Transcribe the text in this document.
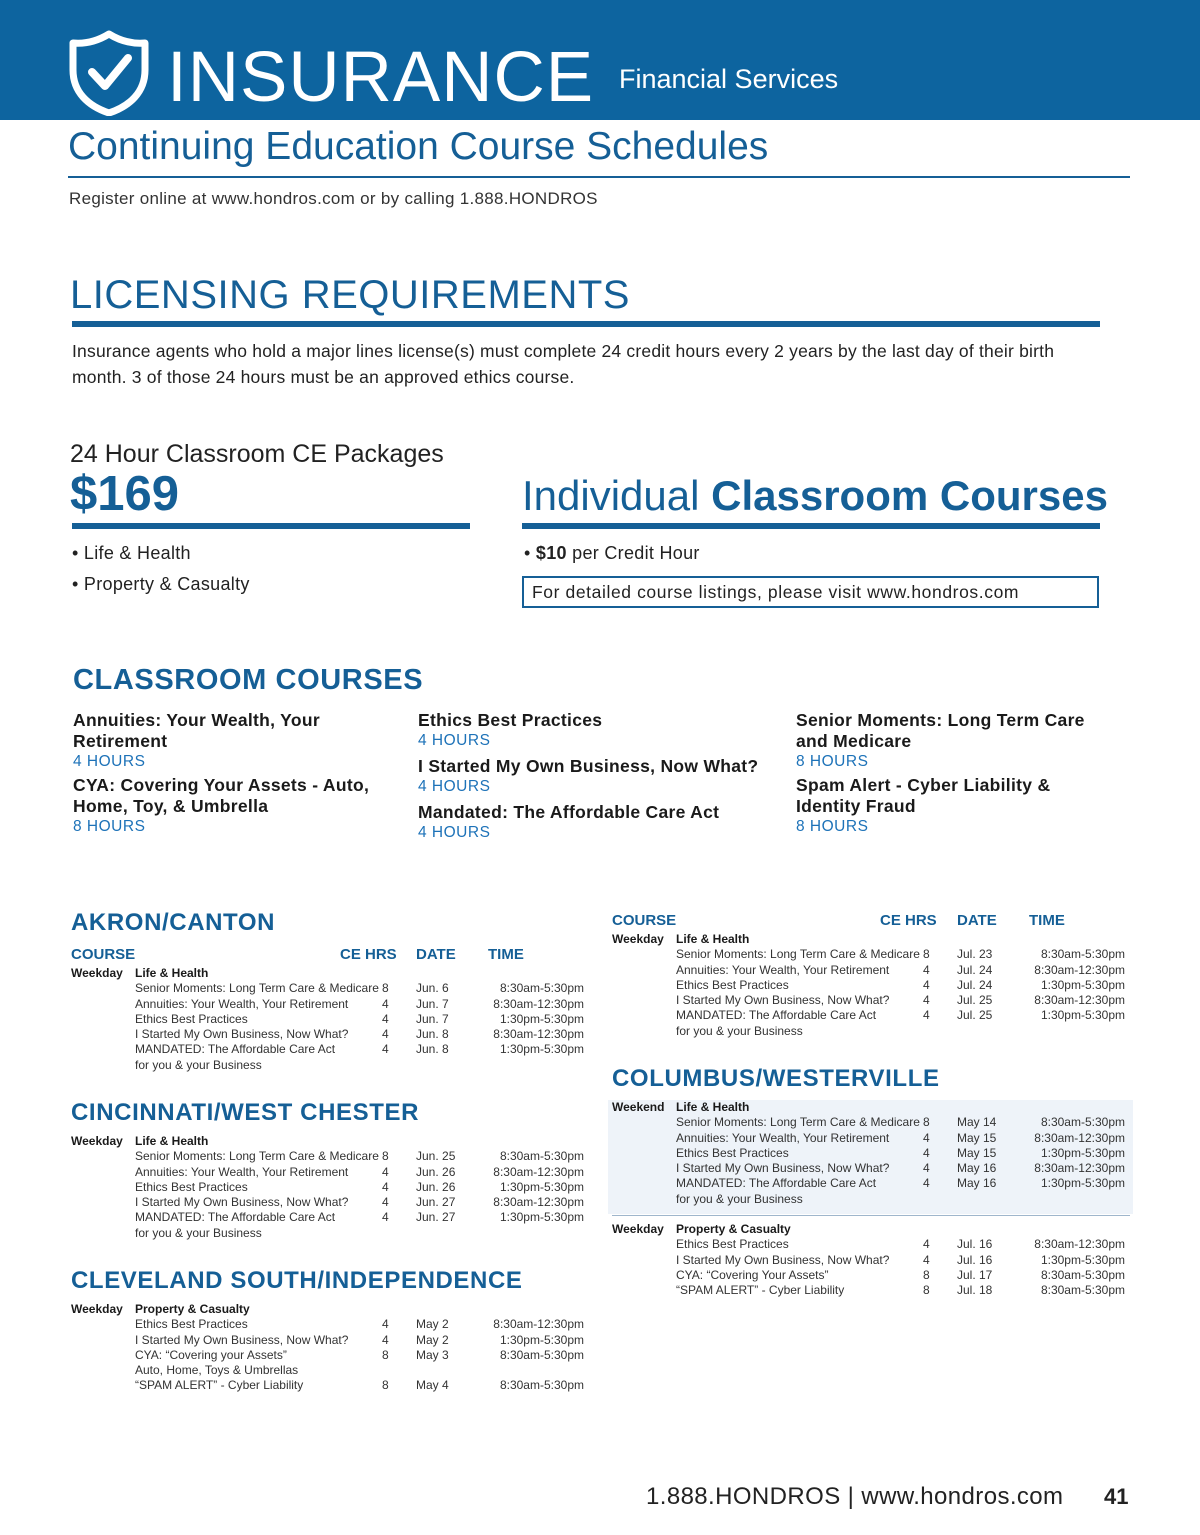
INSURANCE Financial Services
Continuing Education Course Schedules
Register online at www.hondros.com or by calling 1.888.HONDROS
LICENSING REQUIREMENTS
Insurance agents who hold a major lines license(s) must complete 24 credit hours every 2 years by the last day of their birth month. 3 of those 24 hours must be an approved ethics course.
24 Hour Classroom CE Packages
$169
• Life & Health
• Property & Casualty
Individual Classroom Courses
• $10 per Credit Hour
For detailed course listings, please visit www.hondros.com
CLASSROOM COURSES
Annuities: Your Wealth, Your Retirement
4 HOURS
CYA: Covering Your Assets - Auto, Home, Toy, & Umbrella
8 HOURS
Ethics Best Practices
4 HOURS
I Started My Own Business, Now What?
4 HOURS
Mandated: The Affordable Care Act
4 HOURS
Senior Moments: Long Term Care and Medicare
8 HOURS
Spam Alert - Cyber Liability & Identity Fraud
8 HOURS
AKRON/CANTON
COURSE	CE HRS DATE TIME
Weekday Life & Health
Senior Moments: Long Term Care & Medicare 8 Jun. 6	8:30am-5:30pm
Annuities: Your Wealth, Your Retirement	4 Jun. 7	8:30am-12:30pm
Ethics Best Practices	4 Jun. 7	1:30pm-5:30pm
I Started My Own Business, Now What?	4 Jun. 8	8:30am-12:30pm
MANDATED: The Affordable Care Act	4 Jun. 8	1:30pm-5:30pm
for you & your Business
CINCINNATI/WEST CHESTER
Weekday Life & Health
Senior Moments: Long Term Care & Medicare 8 Jun. 25	8:30am-5:30pm
Annuities: Your Wealth, Your Retirement	4 Jun. 26	8:30am-12:30pm
Ethics Best Practices	4 Jun. 26	1:30pm-5:30pm
I Started My Own Business, Now What?	4 Jun. 27	8:30am-12:30pm
MANDATED: The Affordable Care Act	4 Jun. 27	1:30pm-5:30pm
for you & your Business
CLEVELAND SOUTH/INDEPENDENCE
Weekday Property & Casualty
Ethics Best Practices	4 May 2	8:30am-12:30pm
I Started My Own Business, Now What?	4 May 2	1:30pm-5:30pm
CYA: “Covering your Assets”	8 May 3	8:30am-5:30pm
Auto, Home, Toys & Umbrellas
“SPAM ALERT” - Cyber Liability	8 May 4	8:30am-5:30pm
COURSE	CE HRS DATE TIME
Weekday Life & Health
Senior Moments: Long Term Care & Medicare 8 Jul. 23	8:30am-5:30pm
Annuities: Your Wealth, Your Retirement	4 Jul. 24	8:30am-12:30pm
Ethics Best Practices	4 Jul. 24	1:30pm-5:30pm
I Started My Own Business, Now What?	4 Jul. 25	8:30am-12:30pm
MANDATED: The Affordable Care Act	4 Jul. 25	1:30pm-5:30pm
for you & your Business
COLUMBUS/WESTERVILLE
Weekend Life & Health
Senior Moments: Long Term Care & Medicare 8 May 14	8:30am-5:30pm
Annuities: Your Wealth, Your Retirement	4 May 15	8:30am-12:30pm
Ethics Best Practices	4 May 15	1:30pm-5:30pm
I Started My Own Business, Now What?	4 May 16	8:30am-12:30pm
MANDATED: The Affordable Care Act	4 May 16	1:30pm-5:30pm
for you & your Business
Weekday Property & Casualty
Ethics Best Practices	4 Jul. 16	8:30am-12:30pm
I Started My Own Business, Now What?	4 Jul. 16	1:30pm-5:30pm
CYA: “Covering Your Assets”	8 Jul. 17	8:30am-5:30pm
“SPAM ALERT” - Cyber Liability	8 Jul. 18	8:30am-5:30pm
1.888.HONDROS | www.hondros.com 41
